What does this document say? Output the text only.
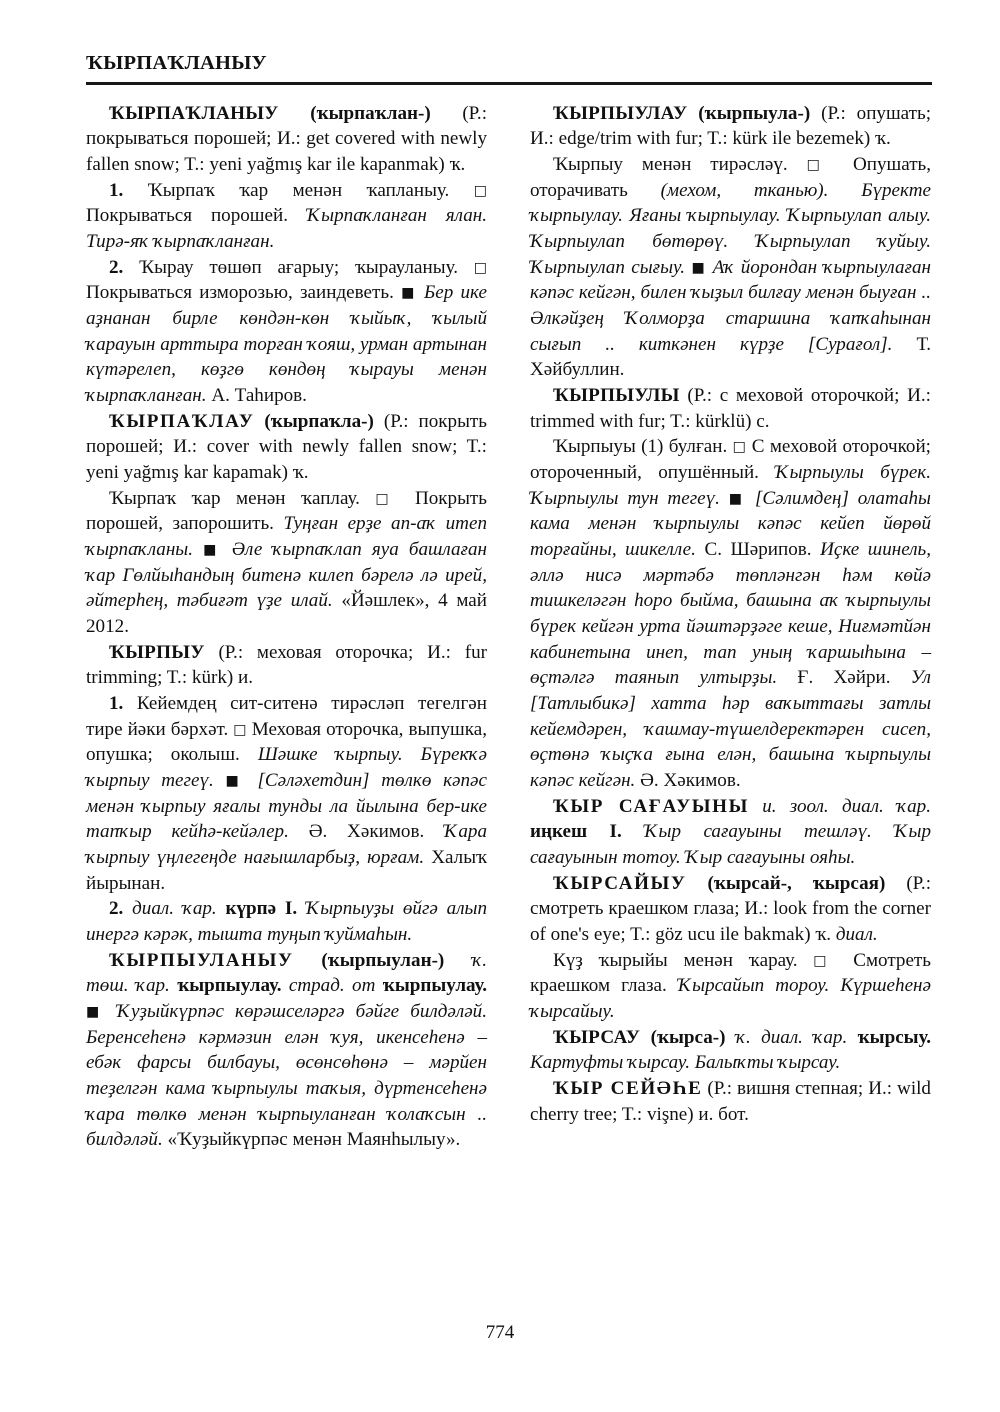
ҠЫРПАҠЛАНЫУ

ҠЫРПАҠЛАНЫУ (ҡырпаҡлан-) (Р.: покрываться порошей; И.: get covered with newly fallen snow; T.: yeni yağmış kar ile kapanmak) ҡ.

1. Ҡырпаҡ ҡар менән ҡапланыу. □ Покрываться порошей. Ҡырпаҡланған ялан. Тирә-яҡ ҡырпаҡланған.

2. Ҡырау төшөп ағарыу; ҡырауланыу. □ Покрываться изморозью, заиндеветь. ■ Бер ике аҙнанан бирле көндән-көн ҡыйыҡ, ҡылый ҡарауын арттыра торған ҡояш, урман артынан күтәрелеп, көҙгө көндөң ҡырауы менән ҡырпаҡланған. А. Таһиров.

ҠЫРПАҠЛАУ (ҡырпаҡла-) (Р.: покрыть порошей; И.: cover with newly fallen snow; T.: yeni yağmış kar kapamak) ҡ.

Ҡырпаҡ ҡар менән ҡаплау. □ Покрыть порошей, запорошить. Туңған ерҙе ап-аҡ итеп ҡырпаҡланы. ■ Әле ҡырпаҡлап яуа башлаған ҡар Гөлйыһандың битенә килеп бәрелә лә ирей, әйтерһең, тәбиғәт үҙе илай. «Йәшлек», 4 май 2012.

ҠЫРПЫУ (Р.: меховая оторочка; И.: fur trimming; T.: kürk) и.

1. Кейемдең сит-ситенә тирәсләп тегелгән тире йәки бәрхәт. □ Меховая оторочка, выпушка, опушка; околыш. Шәшке ҡырпыу. Бүрекҡә ҡырпыу тегеү. ■ [Сәләхетдин] төлкө кәпәс менән ҡырпыу яғалы тунды ла йылына бер-ике тапҡыр кейһә-кейәлер. Ә. Хәкимов. Ҡара ҡырпыу үңлегеңде нағышларбыҙ, юрғам. Халыҡ йырынан.

2. диал. ҡар. күрпә I. Ҡырпыуҙы өйгә алып инергә кәрәк, тышта туңып ҡуймаһын.

ҠЫРПЫУЛАНЫУ (ҡырпыулан-) ҡ. төш. ҡар. ҡырпыулау. страд. от ҡырпыулау. ■ Ҡуҙыйкүрпәс көрәшселәргә бәйге билдәләй. Беренсеһенә кәрмәзин елән ҡуя, икенсеһенә – ебәк фарсы билбауы, өсөнсөһөнә – мәрйен теҙелгән кама ҡырпыулы таҡыя, дүртенсеһенә ҡара төлкө менән ҡырпыуланған ҡолаҡсын .. билдәләй. «Ҡуҙыйкүрпәс менән Маянһылыу».

ҠЫРПЫУЛАУ (ҡырпыула-) (Р.: опушать; И.: edge/trim with fur; T.: kürk ile bezemek) ҡ.

Ҡырпыу менән тирәсләү. □ Опушать, оторачивать (мехом, тканью). Бүректе ҡырпыулау. Яғаны ҡырпыулау. Ҡырпыулап алыу. Ҡырпыулап бөтөрөү. Ҡырпыулап ҡуйыу. Ҡырпыулап сығыу. ■ Аҡ йорондан ҡырпыулаған кәпәс кейгән, билен ҡыҙыл билғау менән быуған .. Әлкәйҙең Ҡолморҙа старшина ҡапҡаһынан сығып .. киткәнен күрҙе [Сурағол]. Т. Хәйбуллин.

ҠЫРПЫУЛЫ (Р.: с меховой оторочкой; И.: trimmed with fur; T.: kürklü) с.

Ҡырпыуы (1) булған. □ С меховой оторочкой; отороченный, опушённый. Ҡырпыулы бүрек. Ҡырпыулы тун тегеү. ■ [Сәлимдең] олатаһы кама менән ҡырпыулы кәпәс кейеп йөрөй торғайны, шикелле. С. Шәрипов. Иҫке шинель, әллә нисә мәртәбә төпләнгән һәм көйә тишкеләгән һоро быйма, башына аҡ ҡырпыулы бүрек кейгән урта йәштәрҙәге кеше, Ниғмәтйән кабинетына инеп, тап уның ҡаршыһына – өҫтәлгә таянып ултырҙы. Ғ. Хәйри. Ул [Татлыбикә] хатта һәр ваҡыттағы затлы кейемдәрен, ҡашмау-түшелдеректәрен сисеп, өҫтөнә ҡыҫҡа ғына елән, башына ҡырпыулы кәпәс кейгән. Ә. Хәкимов.

ҠЫР САҒАУЫНЫ и. зоол. диал. ҡар. иңкеш I. Ҡыр сағауыны тешләү. Ҡыр сағауынын тотоу. Ҡыр сағауыны ояһы.

ҠЫРСАЙЫУ (ҡырсай-, ҡырсая) (Р.: смотреть краешком глаза; И.: look from the corner of one's eye; T.: göz ucu ile bakmak) ҡ. диал.

Күҙ ҡырыйы менән ҡарау. □ Смотреть краешком глаза. Ҡырсайып тороу. Күршеһенә ҡырсайыу.

ҠЫРСАУ (ҡырса-) ҡ. диал. ҡар. ҡырсыу. Картуфты ҡырсау. Балыҡты ҡырсау.

ҠЫР СЕЙӘҺЕ (Р.: вишня степная; И.: wild cherry tree; T.: vişne) и. бот.

774
